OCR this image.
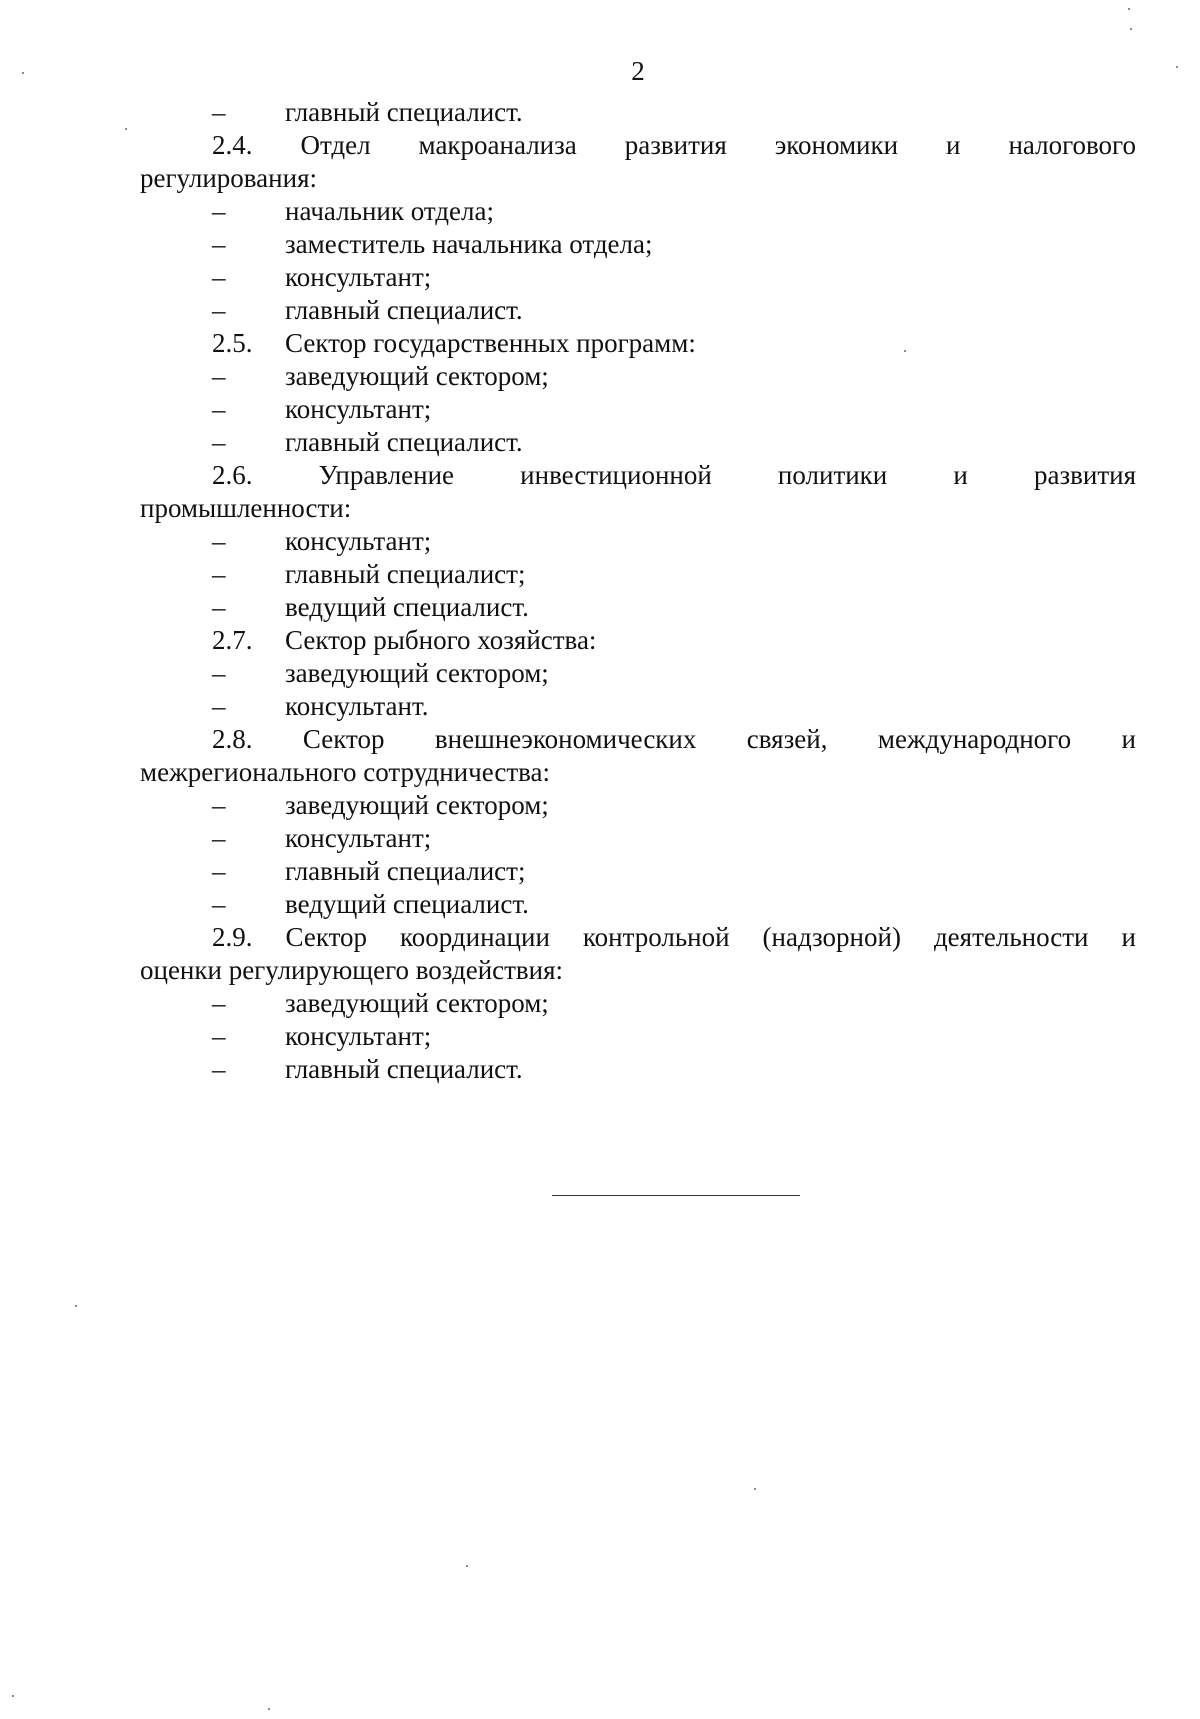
2
– главный специалист.
2.4. Отдел макроанализа развития экономики и налогового
регулирования:
– начальник отдела;
– заместитель начальника отдела;
– консультант;
– главный специалист.
2.5. Сектор государственных программ:
– заведующий сектором;
– консультант;
– главный специалист.
2.6. Управление инвестиционной политики и развития
промышленности:
– консультант;
– главный специалист;
– ведущий специалист.
2.7. Сектор рыбного хозяйства:
– заведующий сектором;
– консультант.
2.8. Сектор внешнеэкономических связей, международного и
межрегионального сотрудничества:
– заведующий сектором;
– консультант;
– главный специалист;
– ведущий специалист.
2.9. Сектор координации контрольной (надзорной) деятельности и
оценки регулирующего воздействия:
– заведующий сектором;
– консультант;
– главный специалист.
